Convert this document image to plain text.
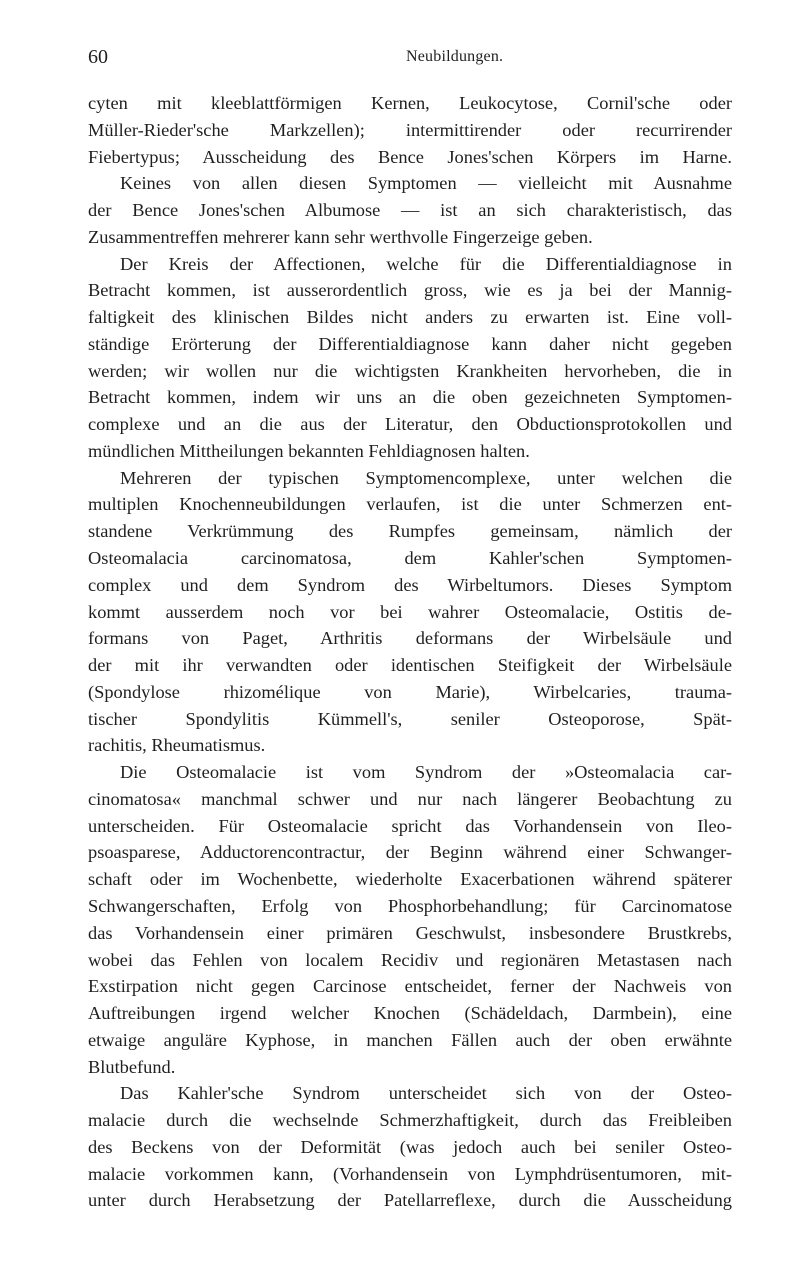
60	Neubildungen.
cyten mit kleeblattförmigen Kernen, Leukocytose, Cornil'sche oder
Müller-Rieder'sche Markzellen); intermittirender oder recurrirender
Fiebertypus; Ausscheidung des Bence Jones'schen Körpers im Harne.
Keines von allen diesen Symptomen — vielleicht mit Ausnahme
der Bence Jones'schen Albumose — ist an sich charakteristisch, das
Zusammentreffen mehrerer kann sehr werthvolle Fingerzeige geben.
Der Kreis der Affectionen, welche für die Differentialdiagnose in
Betracht kommen, ist ausserordentlich gross, wie es ja bei der Mannig-
faltigkeit des klinischen Bildes nicht anders zu erwarten ist. Eine voll-
ständige Erörterung der Differentialdiagnose kann daher nicht gegeben
werden; wir wollen nur die wichtigsten Krankheiten hervorheben, die in
Betracht kommen, indem wir uns an die oben gezeichneten Symptomen-
complexe und an die aus der Literatur, den Obductionsprotokollen und
mündlichen Mittheilungen bekannten Fehldiagnosen halten.
Mehreren der typischen Symptomencomplexe, unter welchen die
multiplen Knochenneubildungen verlaufen, ist die unter Schmerzen ent-
standene Verkrümmung des Rumpfes gemeinsam, nämlich der
Osteomalacia carcinomatosa, dem Kahler'schen Symptomen-
complex und dem Syndrom des Wirbeltumors. Dieses Symptom
kommt ausserdem noch vor bei wahrer Osteomalacie, Ostitis de-
formans von Paget, Arthritis deformans der Wirbelsäule und
der mit ihr verwandten oder identischen Steifigkeit der Wirbelsäule
(Spondylose rhizomélique von Marie), Wirbelcaries, trauma-
tischer Spondylitis Kümmell's, seniler Osteoporose, Spät-
rachitis, Rheumatismus.
Die Osteomalacie ist vom Syndrom der »Osteomalacia car-
cinomatosa« manchmal schwer und nur nach längerer Beobachtung zu
unterscheiden. Für Osteomalacie spricht das Vorhandensein von Ileo-
psoasparese, Adductorencontractur, der Beginn während einer Schwanger-
schaft oder im Wochenbette, wiederholte Exacerbationen während späterer
Schwangerschaften, Erfolg von Phosphorbehandlung; für Carcinomatose
das Vorhandensein einer primären Geschwulst, insbesondere Brustkrebs,
wobei das Fehlen von localem Recidiv und regionären Metastasen nach
Exstirpation nicht gegen Carcinose entscheidet, ferner der Nachweis von
Auftreibungen irgend welcher Knochen (Schädeldach, Darmbein), eine
etwaige anguläre Kyphose, in manchen Fällen auch der oben erwähnte
Blutbefund.
Das Kahler'sche Syndrom unterscheidet sich von der Osteo-
malacie durch die wechselnde Schmerzhaftigkeit, durch das Freibleiben
des Beckens von der Deformität (was jedoch auch bei seniler Osteo-
malacie vorkommen kann, (Vorhandensein von Lymphdrüsentumoren, mit-
unter durch Herabsetzung der Patellarreflexe, durch die Ausscheidung
